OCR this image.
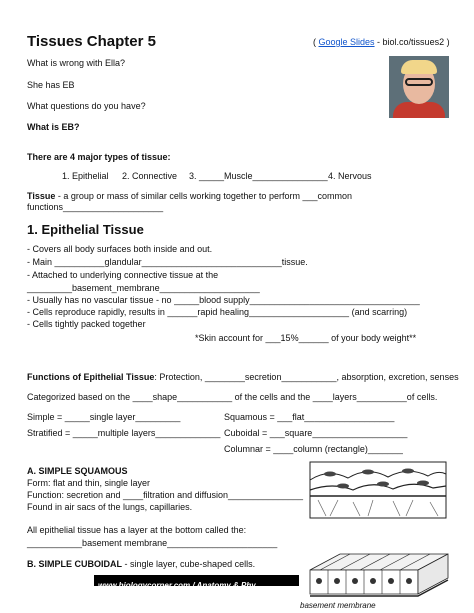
Tissues Chapter 5	( Google Slides - biol.co/tissues2 )
What is wrong with Ella?
She has EB
What questions do you have?
What is EB?
There are 4 major types of tissue:
1. Epithelial 2. Connective 3. _____Muscle_______________ 4. Nervous
Tissue - a group or mass of similar cells working together to perform ___common
functions____________________
1. Epithelial Tissue
- Covers all body surfaces both inside and out.
- Main __________glandular____________________________tissue.
- Attached to underlying connective tissue at the
_________basement_membrane____________________
- Usually has no vascular tissue - no _____blood supply__________________________________
- Cells reproduce rapidly, results in ______rapid healing____________________ (and scarring)
- Cells tightly packed together
*Skin account for ___15%______ of your body weight**
Functions of Epithelial Tissue: Protection, ________secretion___________, absorption, excretion, senses
Categorized based on the ____shape___________ of the cells and the ____layers__________of cells.
Simple = _____single layer_________	Squamous = ___flat__________________
Stratified = _____multiple layers_____________ Cuboidal = ___square___________________
Columnar = ____column (rectangle)_______
A. SIMPLE SQUAMOUS
Form: flat and thin, single layer
Function: secretion and ____filtration and diffusion_______________
Found in air sacs of the lungs, capillaries.
All epithelial tissue has a layer at the bottom called the:
___________basement membrane______________________
B. SIMPLE CUBOIDAL - single layer, cube-shaped cells.
basement membrane
www.biologycorner.com / Anatomy & Phy
